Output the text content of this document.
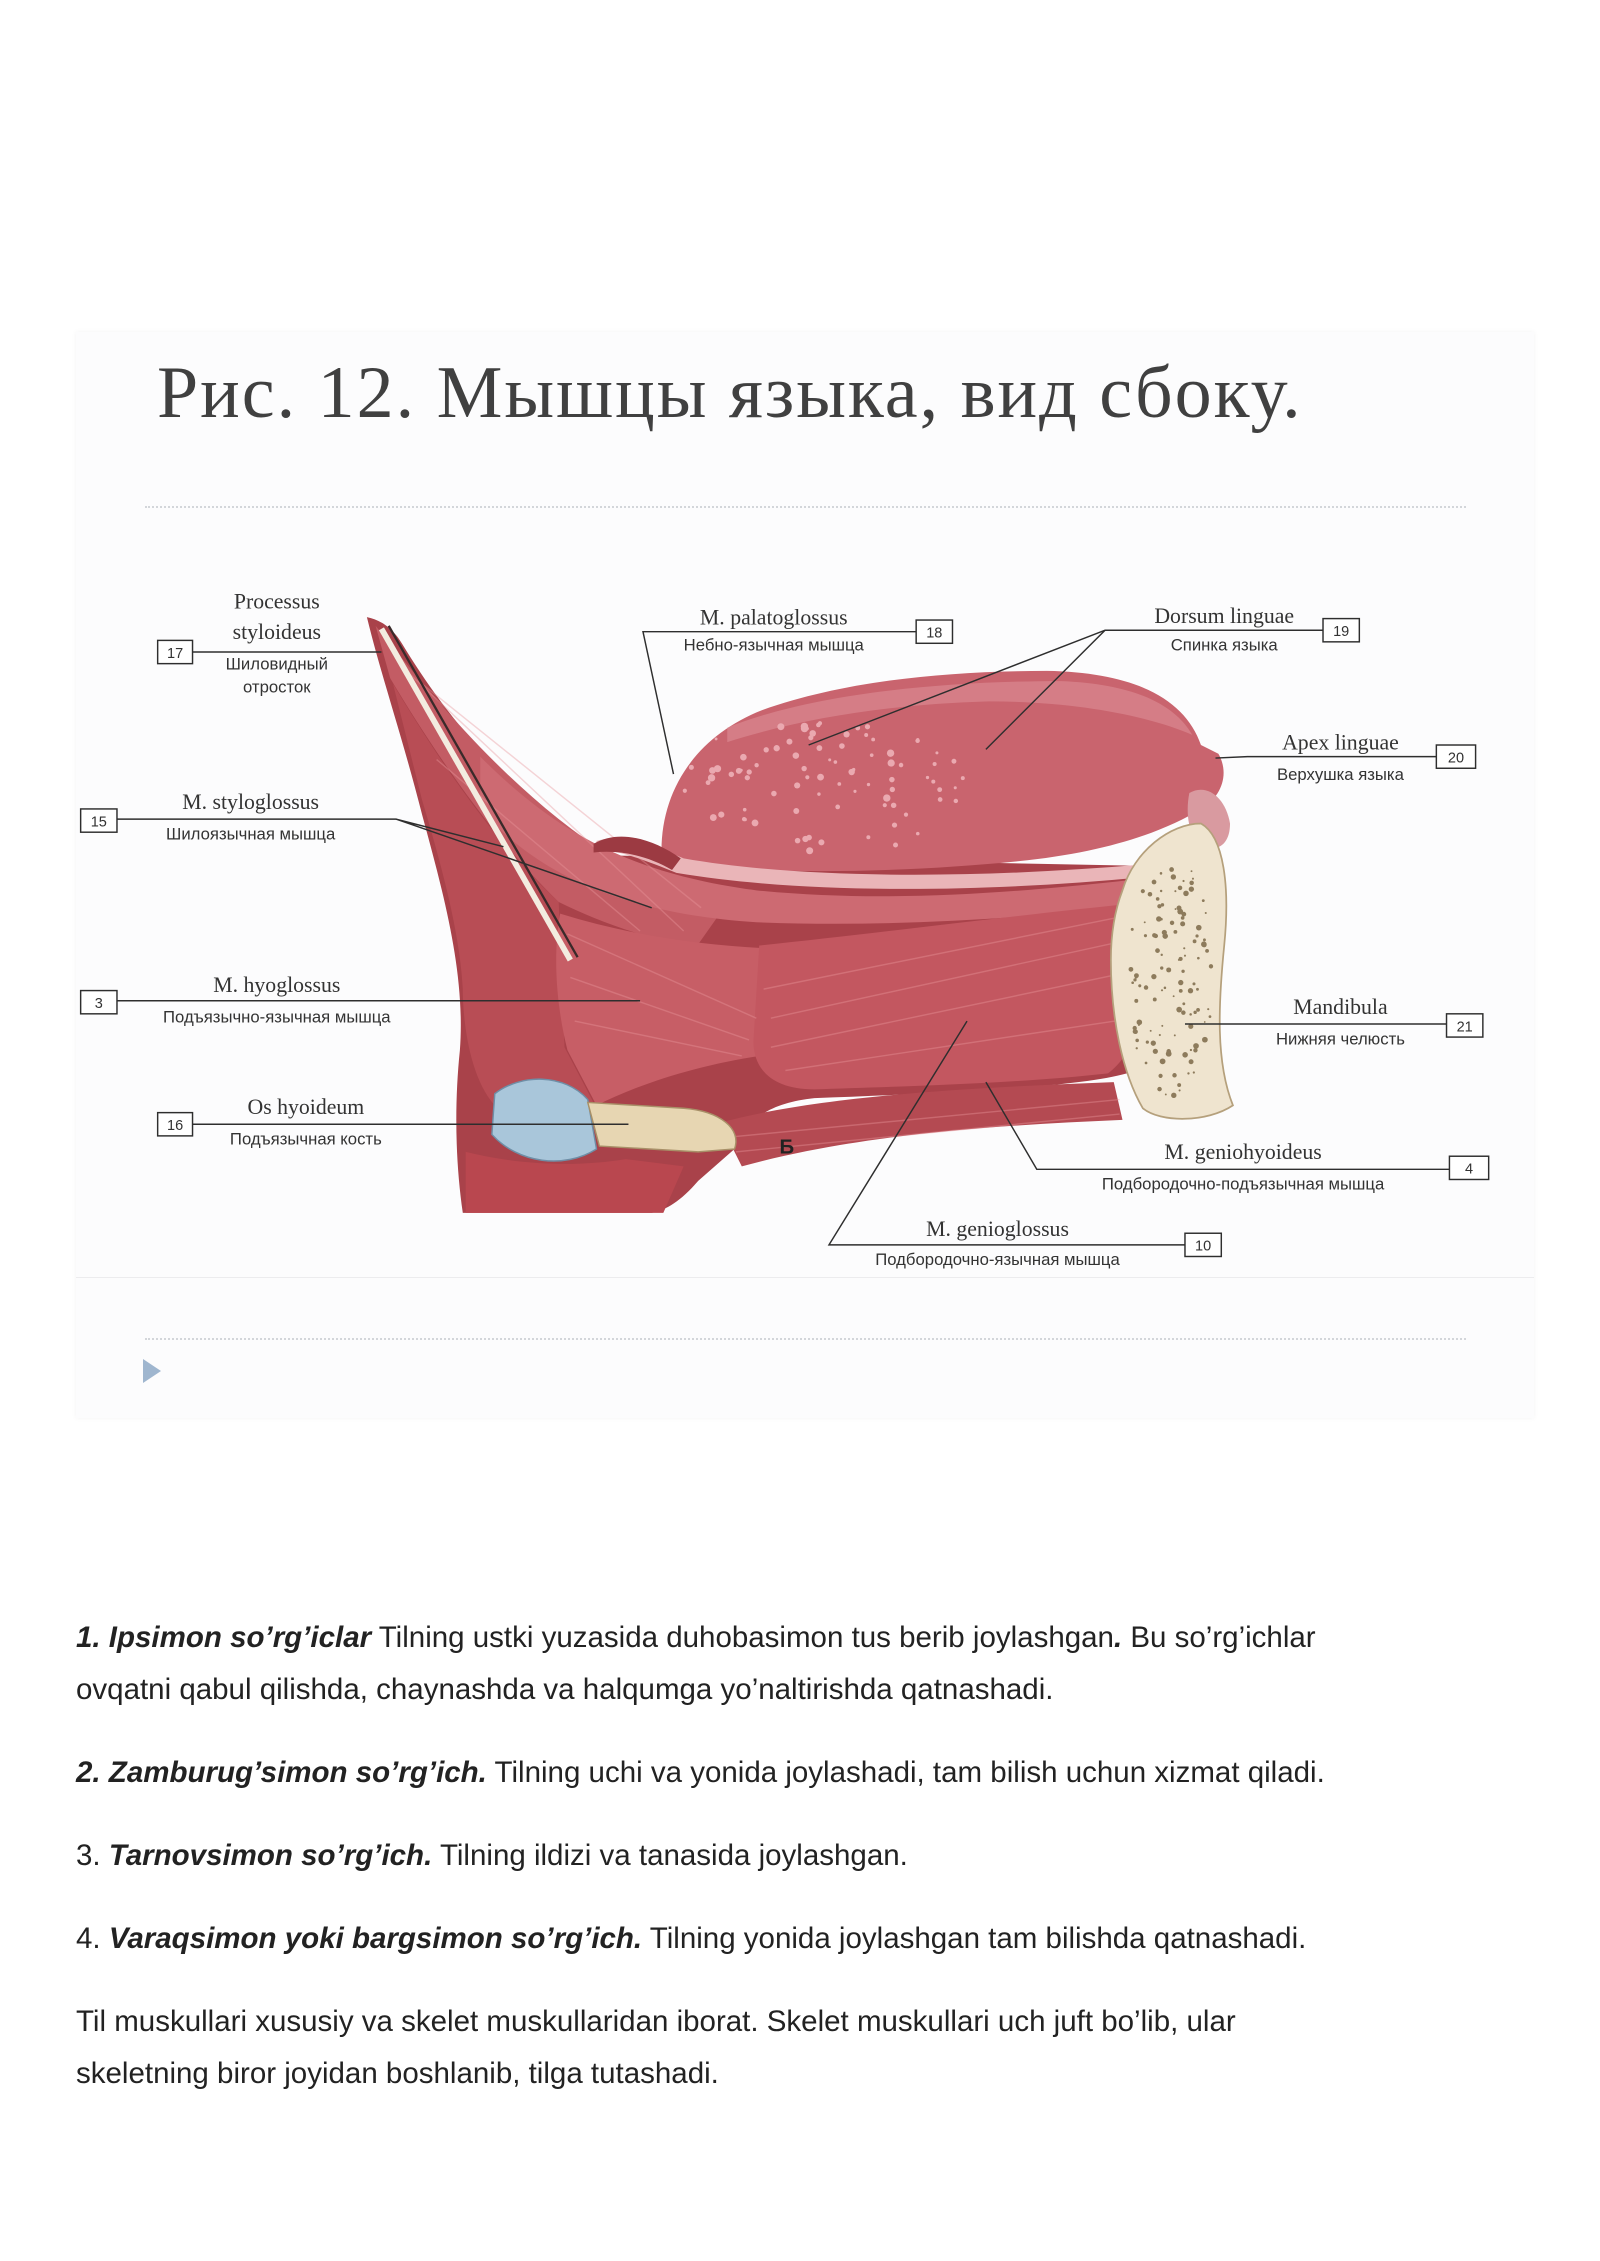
Рис. 12. Мышцы языка, вид сбоку.
17
Processus
styloideus
Шиловидный
отросток
18
M. palatoglossus
Небно-язычная мышца
19
Dorsum linguae
Спинка языка
20
Apex linguae
Верхушка языка
15
M. styloglossus
Шилоязычная мышца
3
M. hyoglossus
Подъязычно-язычная мышца
21
Mandibula
Нижняя челюсть
16
Os hyoideum
Подъязычная кость
4
M. geniohyoideus
Подбородочно-подъязычная мышца
10
M. genioglossus
Подбородочно-язычная мышца
Б

1. Ipsimon so’rg’iclar Tilning ustki yuzasida duhobasimon tus berib joylashgan. Bu so’rg’ichlar
ovqatni qabul qilishda, chaynashda va halqumga yo’naltirishda qatnashadi.

2. Zamburug’simon so’rg’ich. Tilning uchi va yonida joylashadi, tam bilish uchun xizmat qiladi.

3. Tarnovsimon so’rg’ich. Tilning ildizi va tanasida joylashgan.

4. Varaqsimon yoki bargsimon so’rg’ich. Tilning yonida joylashgan tam bilishda qatnashadi.

Til muskullari xususiy va skelet muskullaridan iborat. Skelet muskullari uch juft bo’lib, ular
skeletning biror joyidan boshlanib, tilga tutashadi.
